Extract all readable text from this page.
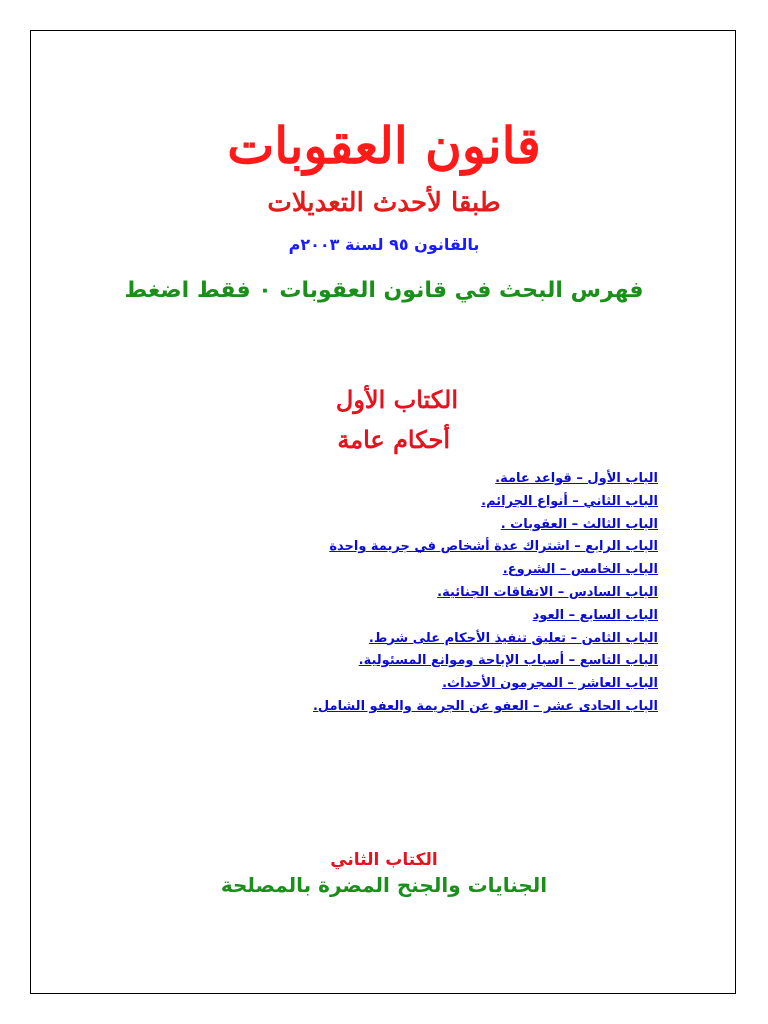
قانون العقوبات
طبقا لأحدث التعديلات
بالقانون ٩٥ لسنة ٢٠٠٣م
فهرس البحث في قانون العقوبات ٠ فقط اضغط
الكتاب الأول
أحكام عامة
الباب الأول – قواعد عامة.
الباب الثاني – أنواع الجرائم.
الباب الثالث – العقوبات .
الباب الرابع – اشتراك عدة أشخاص في جريمة واحدة
الباب الخامس – الشروع.
الباب السادس – الاتفاقات الجنائية.
الباب السابع – العود
الباب الثامن – تعليق تنفيذ الأحكام على شرط.
الباب التاسع – أسباب الإباحة وموانع المسئولية.
الباب العاشر – المجرمون الأحداث.
الباب الحادى عشر – العفو عن الجريمة والعفو الشامل.
الكتاب الثاني
الجنايات والجنح المضرة بالمصلحة
